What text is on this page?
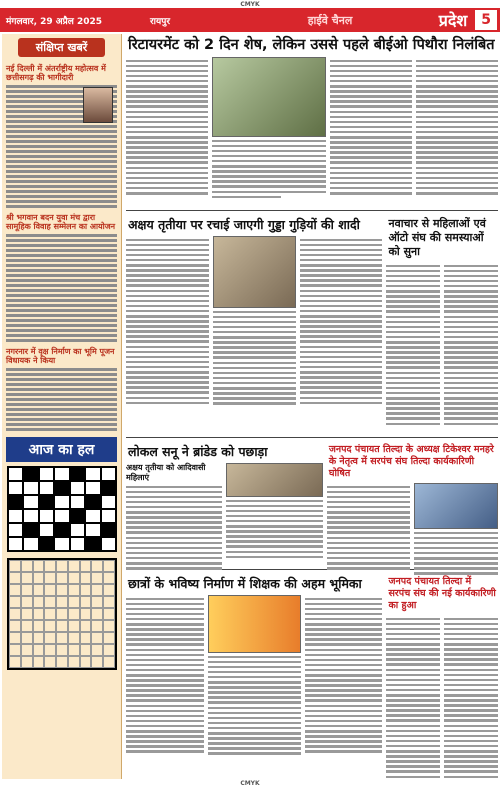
CMYK
मंगलवार, 29 अप्रैल 2025	रायपुर	हाईवे चैनल	प्रदेश	5
संक्षिप्त खबरें
नई दिल्ली में अंतर्राष्ट्रीय महोत्सव में छत्तीसगढ़ की भागीदारी
श्री भगवान बदन युवा मंच द्वारा सामूहिक विवाह सम्मेलन का आयोजन
नगरनार में वृक्ष निर्माण का भूमि पूजन विधायक ने किया
आज का हल
रिटायरमेंट को 2 दिन शेष, लेकिन उससे पहले बीईओ पिथौरा निलंबित
अक्षय तृतीया पर रचाई जाएगी गुड्डा गुड़ियों की शादी	नवाचार से महिलाओं एवं ऑटो संघ की समस्याओं को सुना
लोकल सनू ने ब्रांडेड को पछाड़ा
अक्षय तृतीया को आदिवासी महिलाएं
जनपद पंचायत तिल्दा के अध्यक्ष टिकेश्वर मनहरे के नेतृत्व में सरपंच संघ तिल्दा कार्यकारिणी घोषित
छात्रों के भविष्य निर्माण में शिक्षक की अहम भूमिका	जनपद पंचायत तिल्दा में सरपंच संघ की नई कार्यकारिणी का हुआ
CMYK
